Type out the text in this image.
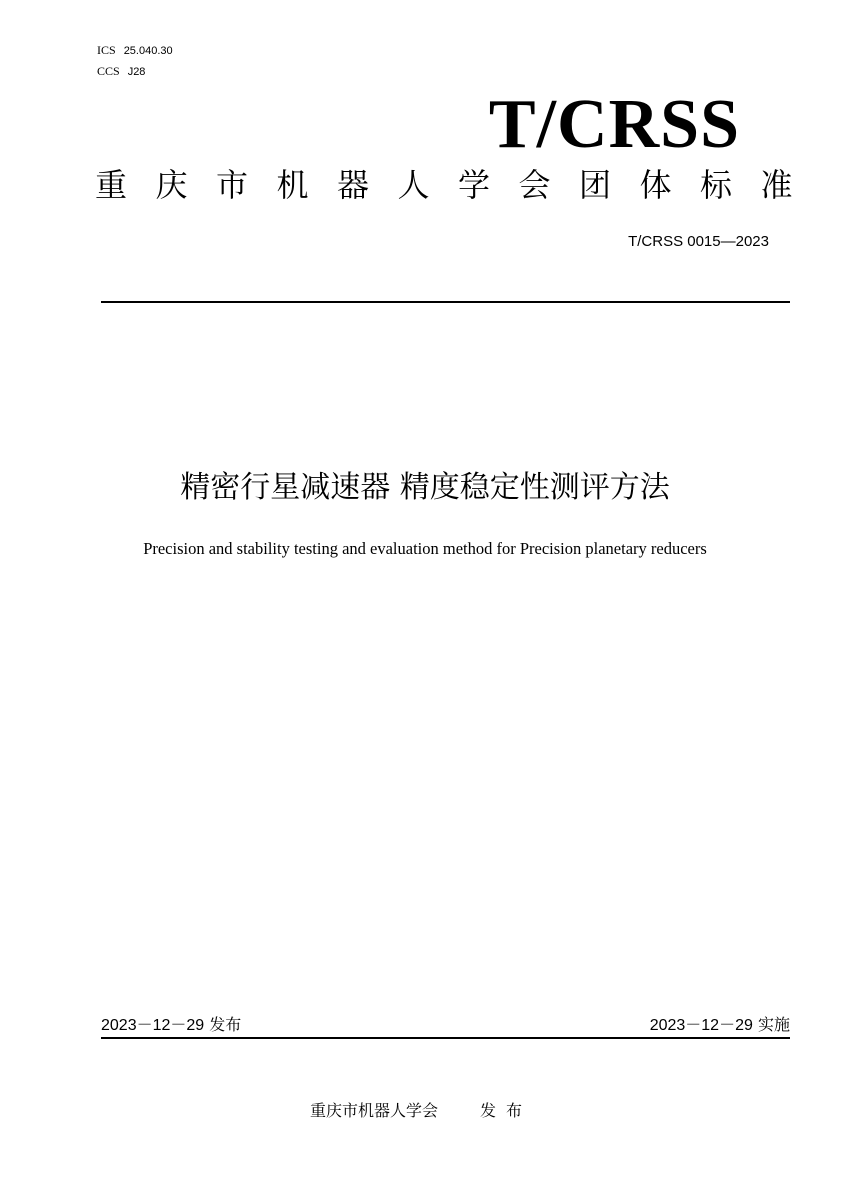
ICS 25.040.30
CCS J28
T/CRSS
重庆市机器人学会团体标准
T/CRSS 0015—2023
精密行星减速器 精度稳定性测评方法
Precision and stability testing and evaluation method for Precision planetary reducers
2023－12－29 发布	2023－12－29 实施
重庆市机器人学会	发布
